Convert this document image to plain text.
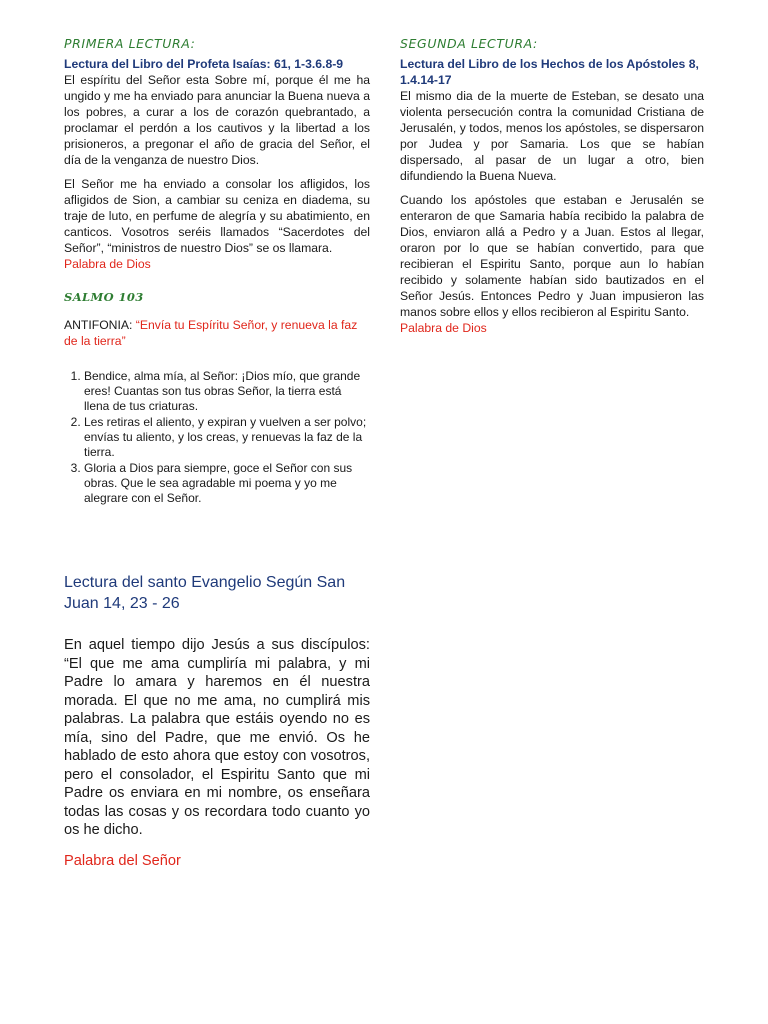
PRIMERA LECTURA:
Lectura del Libro del Profeta Isaías: 61, 1-3.6.8-9

El espíritu del Señor esta Sobre mí, porque él me ha ungido y me ha enviado para anunciar la Buena nueva a los pobres, a curar a los de corazón quebrantado, a proclamar el perdón a los cautivos y la libertad a los prisioneros, a pregonar el año de gracia del Señor, el día de la venganza de nuestro Dios.

El Señor me ha enviado a consolar los afligidos, los afligidos de Sion, a cambiar su ceniza en diadema, su traje de luto, en perfume de alegría y su abatimiento, en canticos. Vosotros seréis llamados “Sacerdotes del Señor”, “ministros de nuestro Dios” se os llamara.

Palabra de Dios
SALMO 103
ANTIFONIA: “Envía tu Espíritu Señor, y renueva la faz de la tierra”
1. Bendice, alma mía, al Señor: ¡Dios mío, que grande eres! Cuantas son tus obras Señor, la tierra está llena de tus criaturas.
2. Les retiras el aliento, y expiran y vuelven a ser polvo; envías tu aliento, y los creas, y renuevas la faz de la tierra.
3. Gloria a Dios para siempre, goce el Señor con sus obras. Que le sea agradable mi poema y yo me alegrare con el Señor.
SEGUNDA LECTURA:
Lectura del Libro de los Hechos de los Apóstoles 8, 1.4.14-17

El mismo dia de la muerte de Esteban, se desato una violenta persecución contra la comunidad Cristiana de Jerusalén, y todos, menos los apóstoles, se dispersaron por Judea y por Samaria. Los que se habían dispersado, al pasar de un lugar a otro, bien difundiendo la Buena Nueva.

Cuando los apóstoles que estaban e Jerusalén se enteraron de que Samaria había recibido la palabra de Dios, enviaron allá a Pedro y a Juan. Estos al llegar, oraron por lo que se habían convertido, para que recibieran el Espiritu Santo, porque aun lo habían recibido y solamente habían sido bautizados en el Señor Jesús. Entonces Pedro y Juan impusieron las manos sobre ellos y ellos recibieron al Espiritu Santo.

Palabra de Dios
Lectura del santo Evangelio Según San Juan 14, 23 - 26

En aquel tiempo dijo Jesús a sus discípulos: “El que me ama cumpliría mi palabra, y mi Padre lo amara y haremos en él nuestra morada. El que no me ama, no cumplirá mis palabras. La palabra que estáis oyendo no es mía, sino del Padre, que me envió. Os he hablado de esto ahora que estoy con vosotros, pero el consolador, el Espiritu Santo que mi Padre os enviara en mi nombre, os enseñara todas las cosas y os recordara todo cuanto yo os he dicho.

Palabra del Señor
